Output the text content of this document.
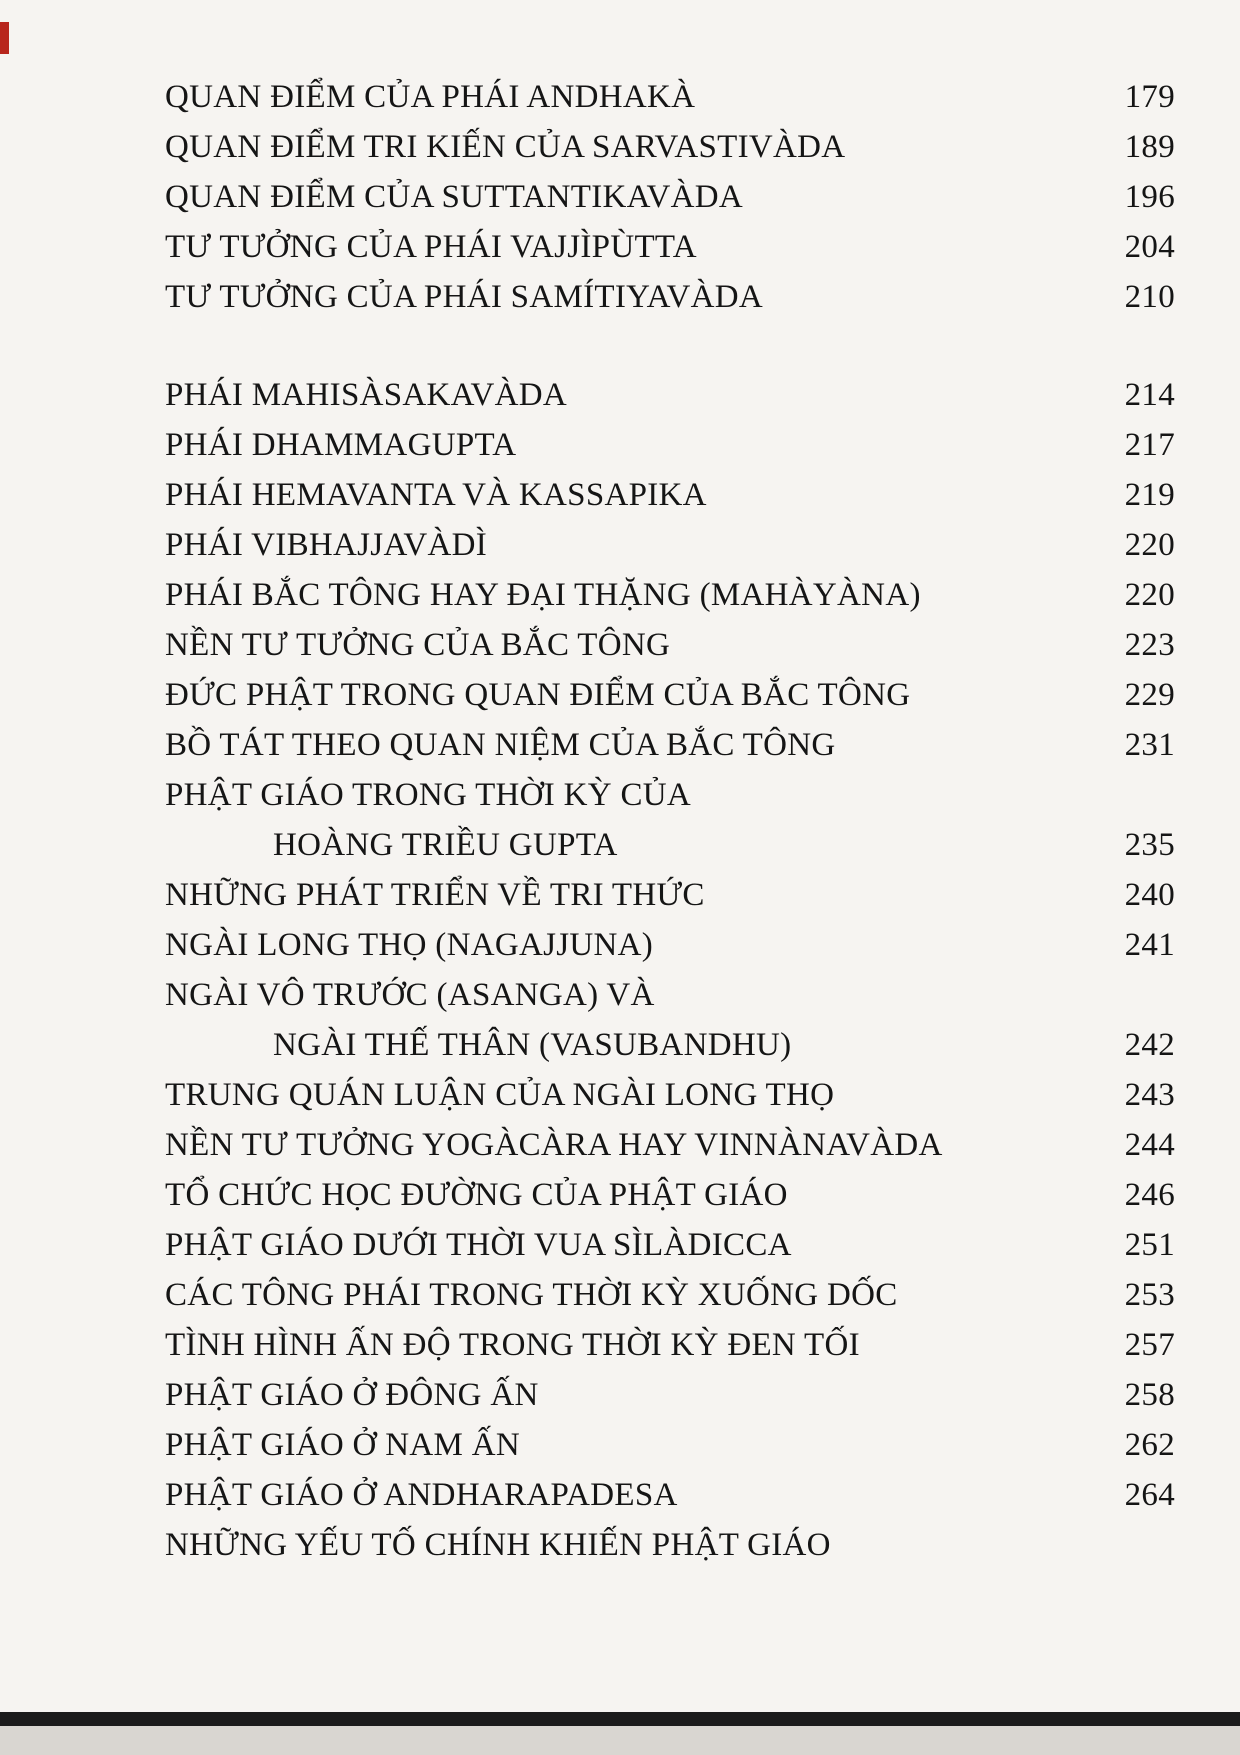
QUAN ĐIỂM CỦA PHÁI ANDHAKÀ	179
QUAN ĐIỂM TRI KIẾN CỦA SARVASTIVÀDA	189
QUAN ĐIỂM CỦA SUTTANTIKAVÀDA	196
TƯ TƯỞNG CỦA PHÁI VAJJÌPÙTTA	204
TƯ TƯỞNG CỦA PHÁI SAMÍTIYAVÀDA	210
PHÁI MAHISÀSAKAVÀDA	214
PHÁI DHAMMAGUPTA	217
PHÁI HEMAVANTA VÀ KASSAPIKA	219
PHÁI VIBHAJJAVÀDÌ	220
PHÁI BẮC TÔNG HAY ĐẠI THẶNG (MAHÀYÀNA)	220
NỀN TƯ TƯỞNG CỦA BẮC TÔNG	223
ĐỨC PHẬT TRONG QUAN ĐIỂM CỦA BẮC TÔNG	229
BỒ TÁT THEO QUAN NIỆM CỦA BẮC TÔNG	231
PHẬT GIÁO TRONG THỜI KỲ CỦA
HOÀNG TRIỀU GUPTA	235
NHỮNG PHÁT TRIỂN VỀ TRI THỨC	240
NGÀI LONG THỌ (NAGAJJUNA)	241
NGÀI VÔ TRƯỚC (ASANGA) VÀ
NGÀI THẾ THÂN (VASUBANDHU)	242
TRUNG QUÁN LUẬN CỦA NGÀI LONG THỌ	243
NỀN TƯ TƯỞNG YOGÀCÀRA HAY VINNÀNAVÀDA	244
TỔ CHỨC HỌC ĐƯỜNG CỦA PHẬT GIÁO	246
PHẬT GIÁO DƯỚI THỜI VUA SÌLÀDICCA	251
CÁC TÔNG PHÁI TRONG THỜI KỲ XUỐNG DỐC	253
TÌNH HÌNH ẤN ĐỘ TRONG THỜI KỲ ĐEN TỐI	257
PHẬT GIÁO Ở ĐÔNG ẤN	258
PHẬT GIÁO Ở NAM ẤN	262
PHẬT GIÁO Ở ANDHARAPADESA	264
NHỮNG YẾU TỐ CHÍNH KHIẾN PHẬT GIÁO
